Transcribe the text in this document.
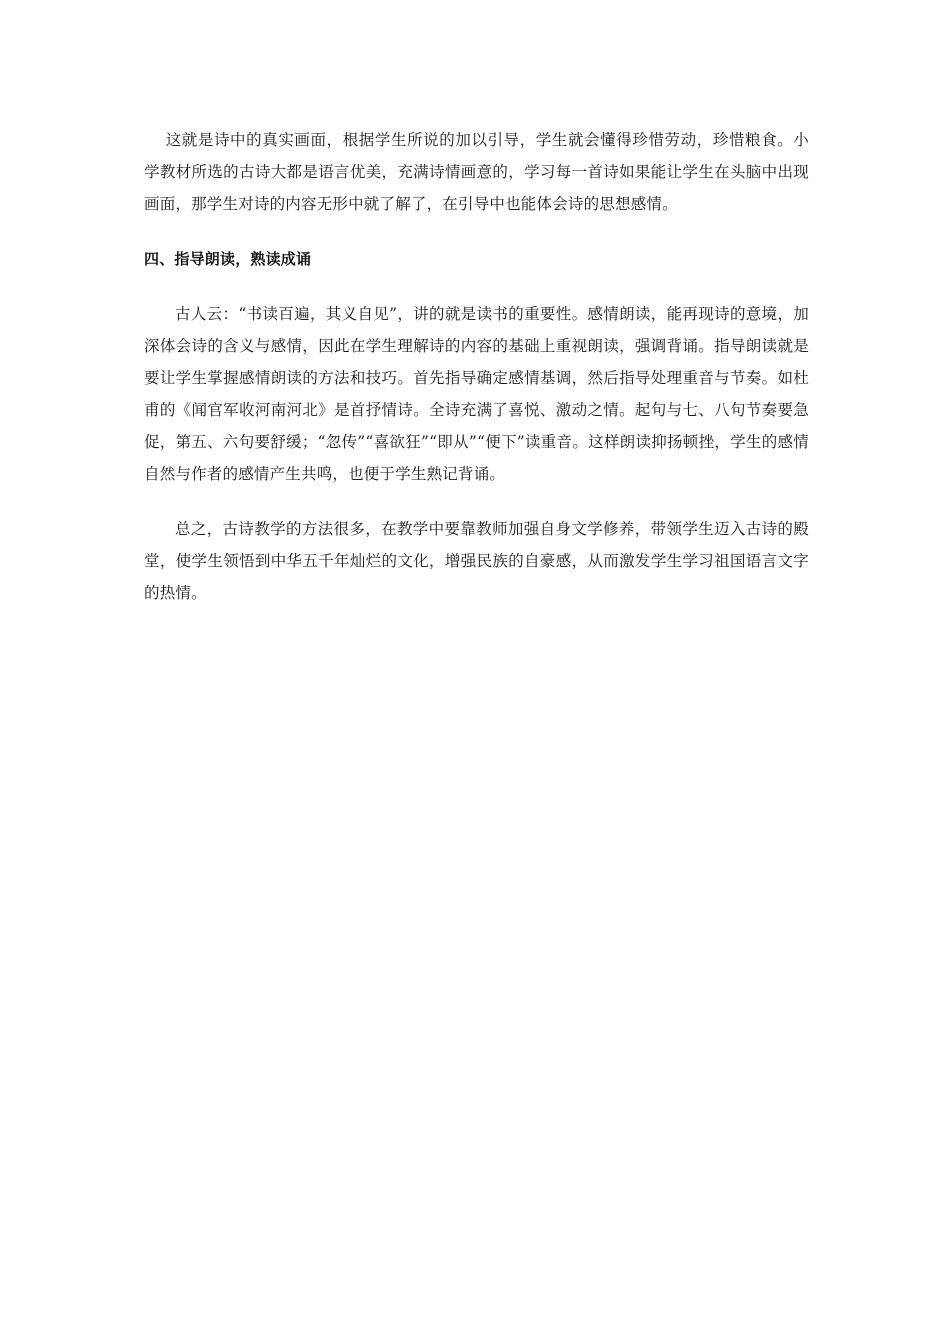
这就是诗中的真实画面，根据学生所说的加以引导，学生就会懂得珍惜劳动，珍惜粮食。小学教材所选的古诗大都是语言优美，充满诗情画意的，学习每一首诗如果能让学生在头脑中出现画面，那学生对诗的内容无形中就了解了，在引导中也能体会诗的思想感情。

四、指导朗读，熟读成诵

古人云：“书读百遍，其义自见”，讲的就是读书的重要性。感情朗读，能再现诗的意境，加深体会诗的含义与感情，因此在学生理解诗的内容的基础上重视朗读，强调背诵。指导朗读就是要让学生掌握感情朗读的方法和技巧。首先指导确定感情基调，然后指导处理重音与节奏。如杜甫的《闻官军收河南河北》是首抒情诗。全诗充满了喜悦、激动之情。起句与七、八句节奏要急促，第五、六句要舒缓；“忽传”“喜欲狂”“即从”“便下”读重音。这样朗读抑扬顿挫，学生的感情自然与作者的感情产生共鸣，也便于学生熟记背诵。

总之，古诗教学的方法很多，在教学中要靠教师加强自身文学修养，带领学生迈入古诗的殿堂，使学生领悟到中华五千年灿烂的文化，增强民族的自豪感，从而激发学生学习祖国语言文字的热情。
